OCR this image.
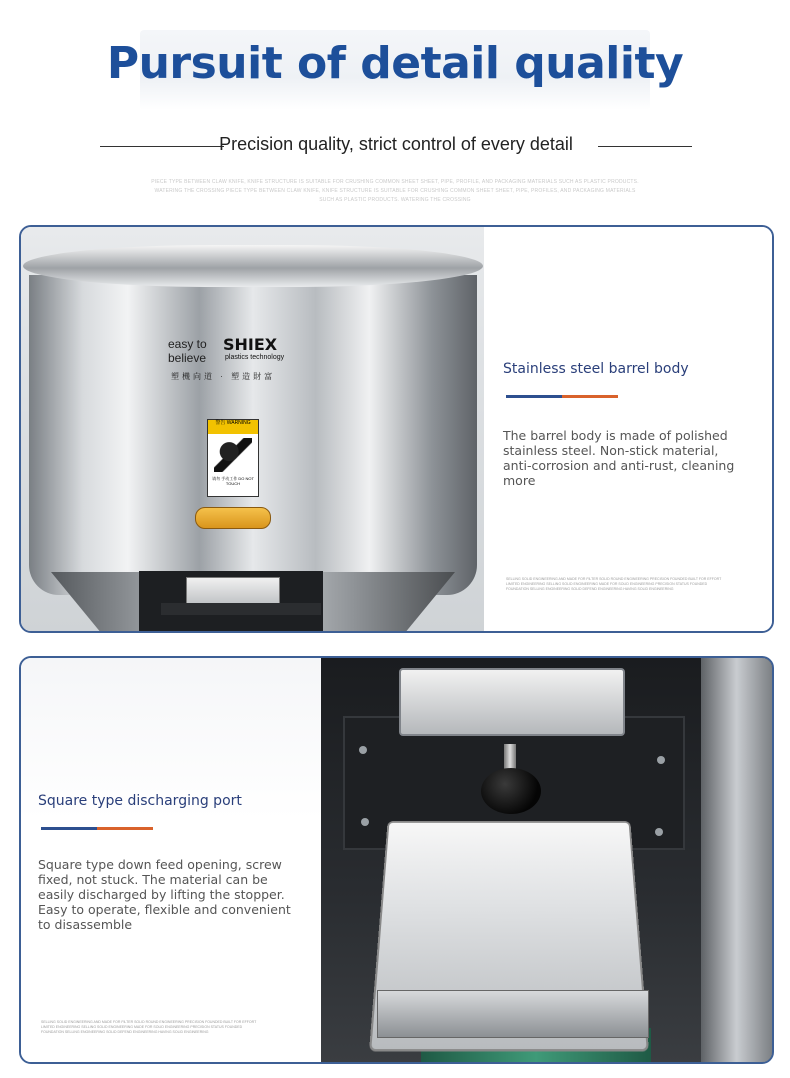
Pursuit of detail quality
Precision quality, strict control of every detail
PIECE TYPE BETWEEN CLAW KNIFE, KNIFE STRUCTURE IS SUITABLE FOR CRUSHING COMMON SHEET SHEET, PIPE, PROFILE, AND PACKAGING MATERIALS SUCH AS PLASTIC PRODUCTS. WATERING THE CROSSING PIECE TYPE BETWEEN CLAW KNIFE, KNIFE STRUCTURE IS SUITABLE FOR CRUSHING COMMON SHEET SHEET, PIPE, PROFILES, AND PACKAGING MATERIALS SUCH AS PLASTIC PRODUCTS. WATERING THE CROSSING
easy to believe
SHIEX
plastics technology
塑機向道 · 塑造財富
警告 WARNING
请勿 手动工作 DO NOT TOUCH
Stainless steel barrel body
The barrel body is made of polished stainless steel. Non-stick material, anti-corrosion and anti-rust, cleaning more
SELLING SOLID ENGINEERING AND MADE FOR FILTER SOLID ROUND ENGINEERING PRECISION FOUNDED BUILT FOR EFFORT LIMITED ENGINEERING SELLING SOLID ENGINEERING MADE FOR SOLID ENGINEERING PRECISION STATUS FOUNDED FOUNDATION SELLING ENGINEERING SOLID DEFEND ENGINEERING HAVING SOLID ENGINEERING
Square type discharging port
Square type down feed opening, screw fixed, not stuck. The material can be easily discharged by lifting the stopper. Easy to operate, flexible and convenient to disassemble
SELLING SOLID ENGINEERING AND MADE FOR FILTER SOLID ROUND ENGINEERING PRECISION FOUNDED BUILT FOR EFFORT LIMITED ENGINEERING SELLING SOLID ENGINEERING MADE FOR SOLID ENGINEERING PRECISION STATUS FOUNDED FOUNDATION SELLING ENGINEERING SOLID DEFEND ENGINEERING HAVING SOLID ENGINEERING
